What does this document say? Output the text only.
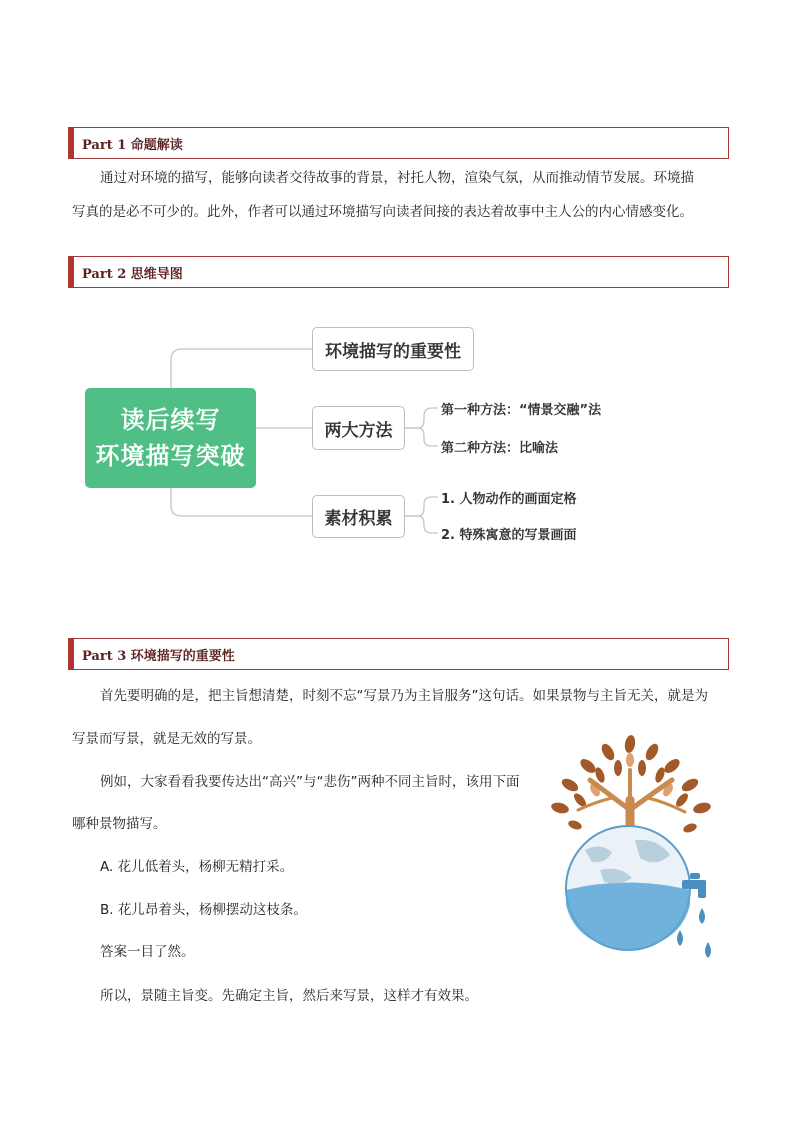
Part 1 命题解读
通过对环境的描写，能够向读者交待故事的背景，衬托人物，渲染气氛，从而推动情节发展。环境描
写真的是必不可少的。此外，作者可以通过环境描写向读者间接的表达着故事中主人公的内心情感变化。
Part 2 思维导图
读后续写
环境描写突破
环境描写的重要性
两大方法
素材积累
第一种方法：“情景交融”法
第二种方法：比喻法
1. 人物动作的画面定格
2. 特殊寓意的写景画面
Part 3 环境描写的重要性
首先要明确的是，把主旨想清楚，时刻不忘“写景乃为主旨服务”这句话。如果景物与主旨无关，就是为
写景而写景，就是无效的写景。
例如，大家看看我要传达出“高兴”与“悲伤”两种不同主旨时，该用下面
哪种景物描写。
A. 花儿低着头，杨柳无精打采。
B. 花儿昂着头，杨柳摆动这枝条。
答案一目了然。
所以，景随主旨变。先确定主旨，然后来写景，这样才有效果。
